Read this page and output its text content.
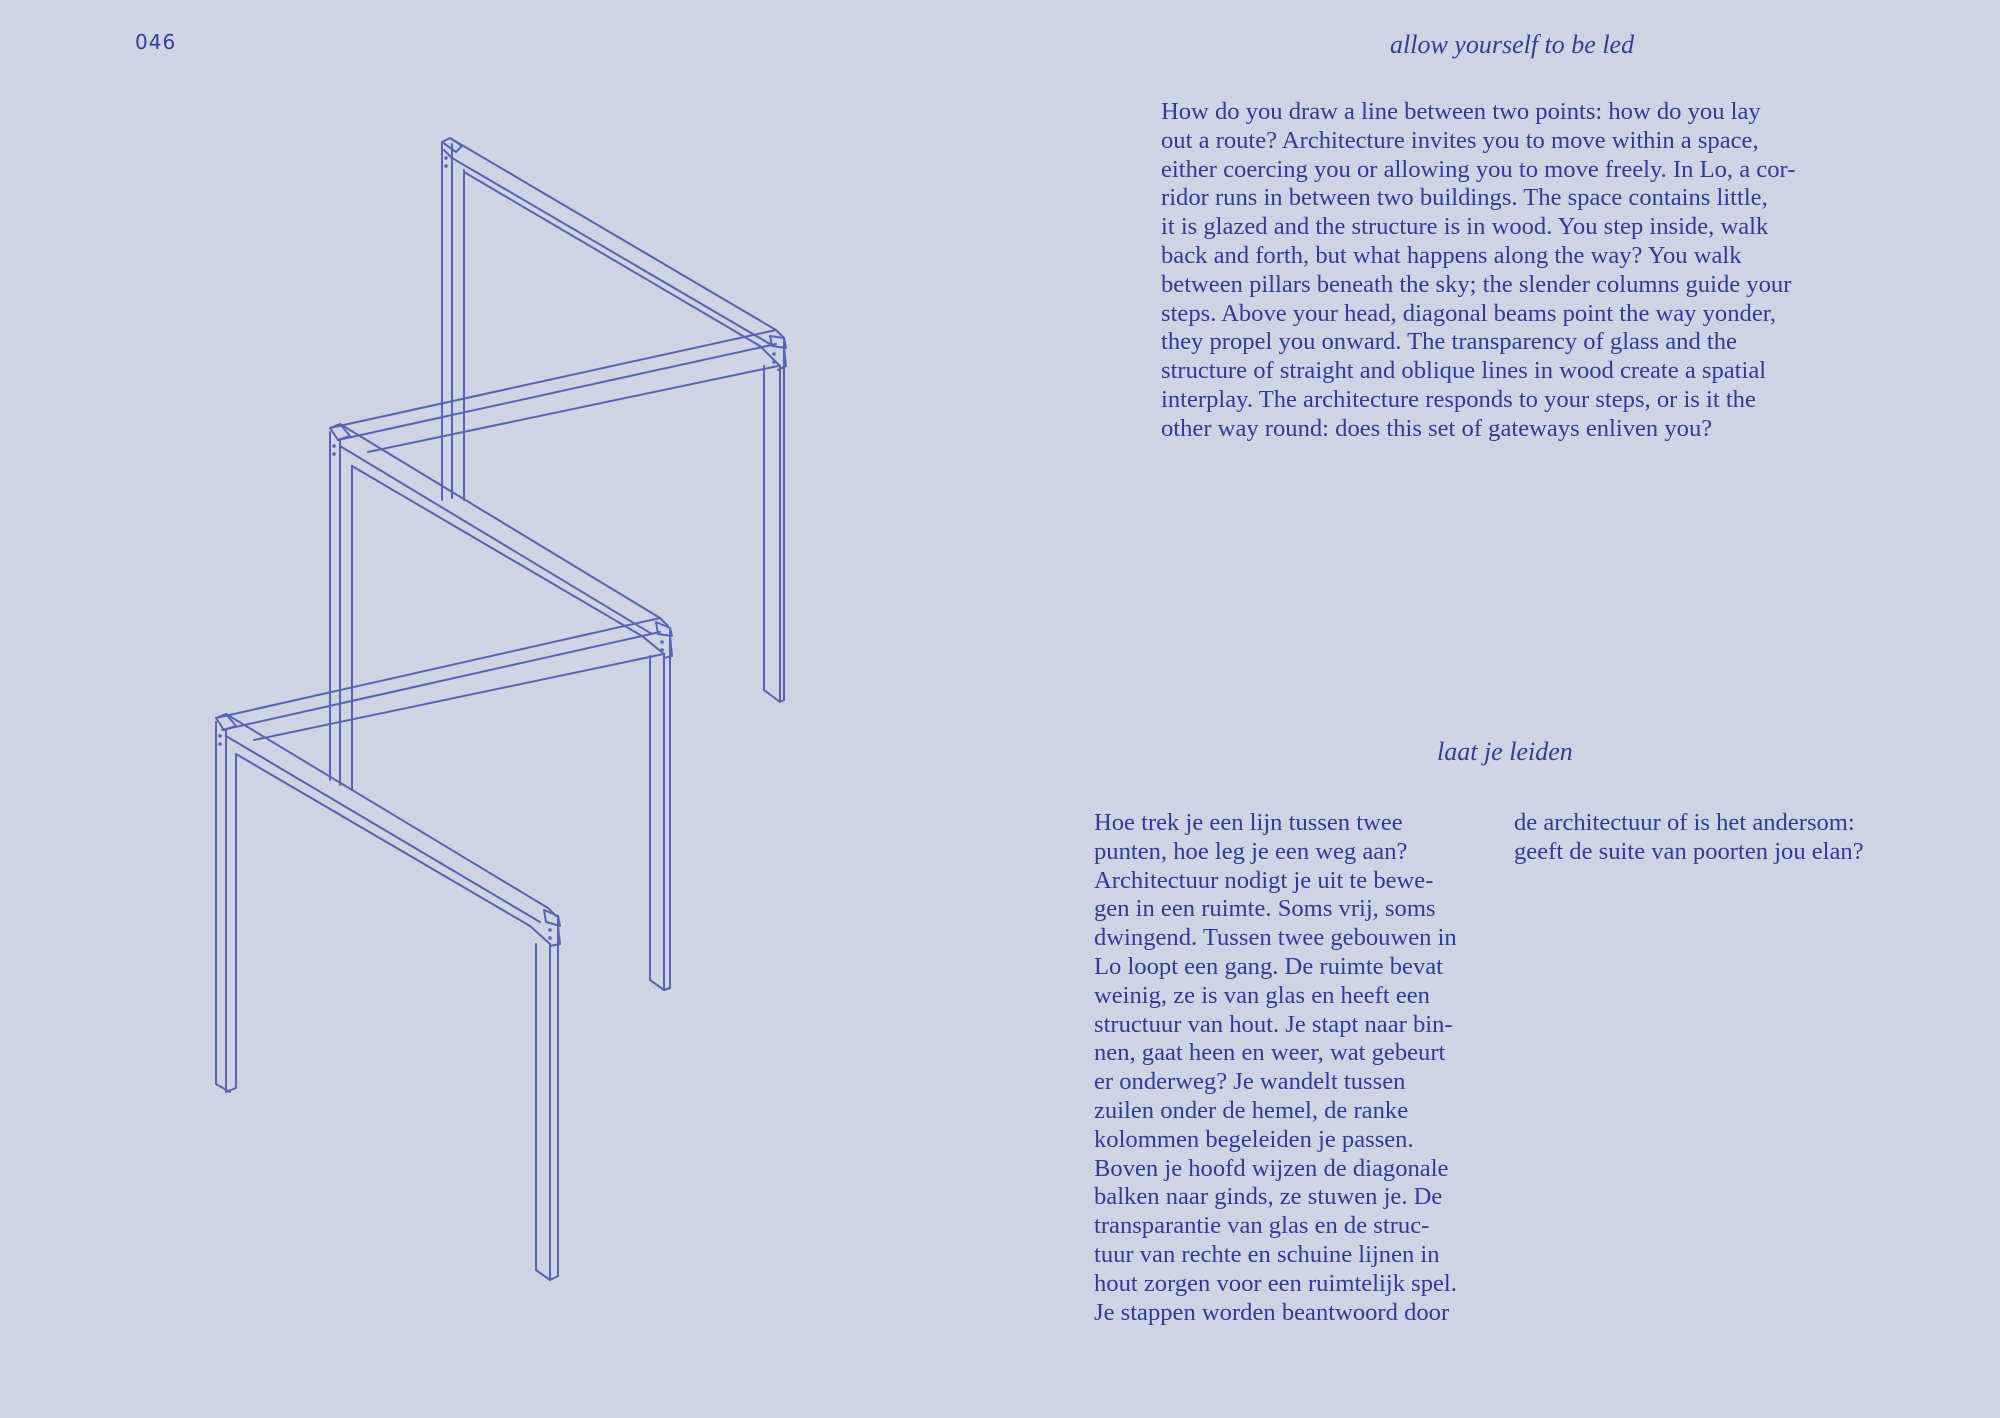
046	allow yourself to be led
How do you draw a line between two points: how do you lay
out a route? Architecture invites you to move within a space,
either coercing you or allowing you to move freely. In Lo, a cor-
ridor runs in between two buildings. The space contains little,
it is glazed and the structure is in wood. You step inside, walk
back and forth, but what happens along the way? You walk
between pillars beneath the sky; the slender columns guide your
steps. Above your head, diagonal beams point the way yonder,
they propel you onward. The transparency of glass and the
structure of straight and oblique lines in wood create a spatial
interplay. The architecture responds to your steps, or is it the
other way round: does this set of gateways enliven you?
laat je leiden
Hoe trek je een lijn tussen twee
punten, hoe leg je een weg aan?
Architectuur nodigt je uit te bewe-
gen in een ruimte. Soms vrij, soms
dwingend. Tussen twee gebouwen in
Lo loopt een gang. De ruimte bevat
weinig, ze is van glas en heeft een
structuur van hout. Je stapt naar bin-
nen, gaat heen en weer, wat gebeurt
er onderweg? Je wandelt tussen
zuilen onder de hemel, de ranke
kolommen begeleiden je passen.
Boven je hoofd wijzen de diagonale
balken naar ginds, ze stuwen je. De
transparantie van glas en de struc-
tuur van rechte en schuine lijnen in
hout zorgen voor een ruimtelijk spel.
Je stappen worden beantwoord door
de architectuur of is het andersom:
geeft de suite van poorten jou elan?
